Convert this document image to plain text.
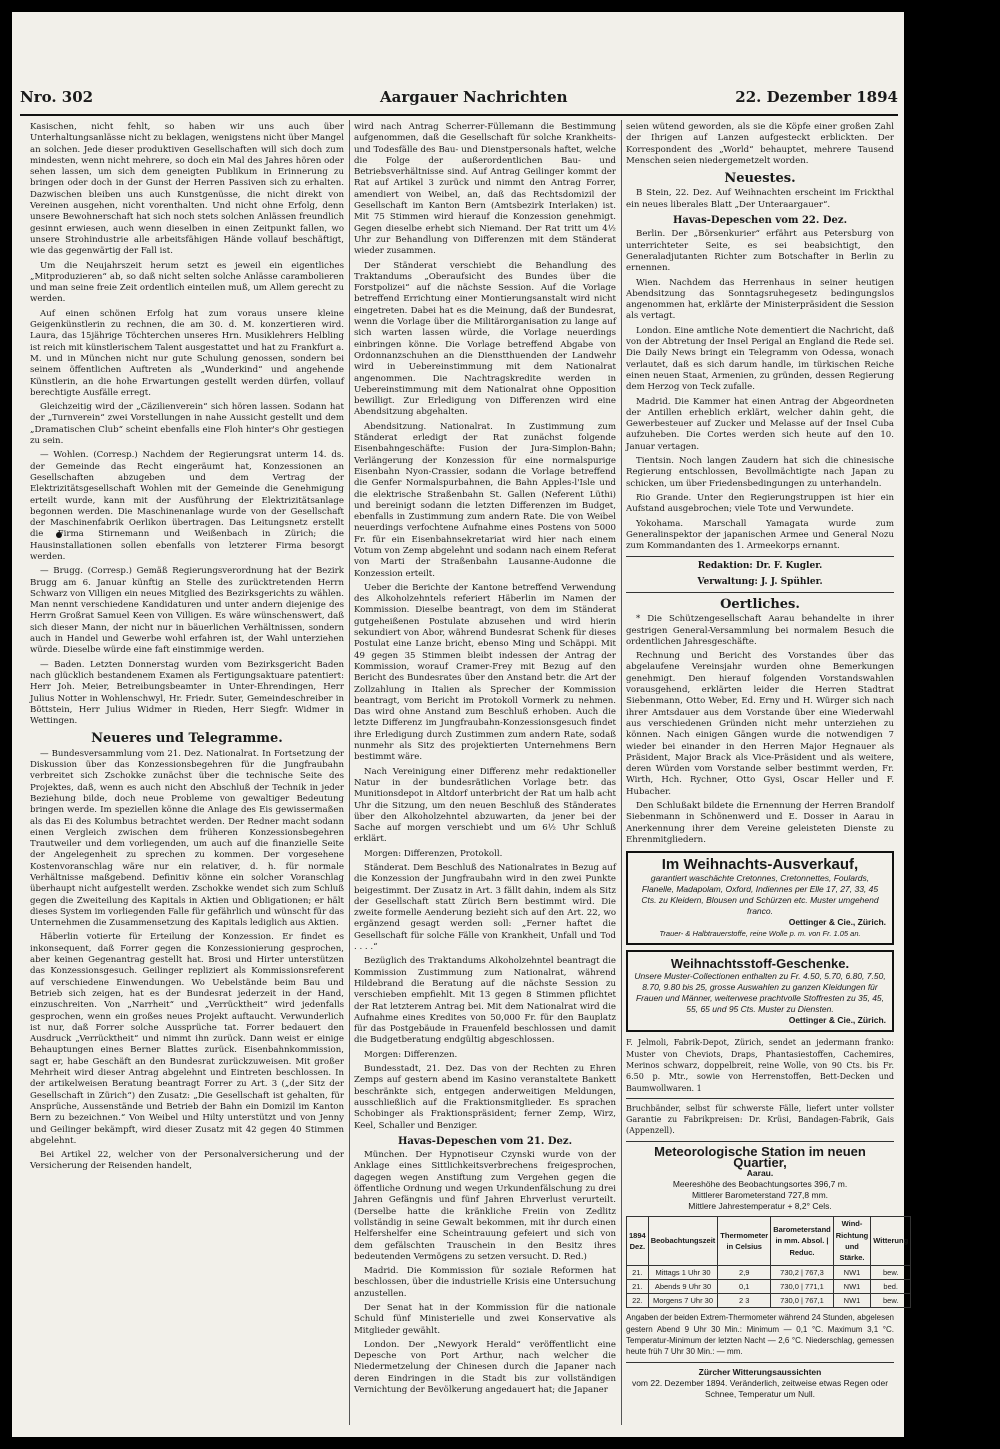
Nro. 302	Aargauer Nachrichten	22. Dezember 1894

Kasischen, nicht fehlt, so haben wir uns auch über Unterhaltungsanlässe nicht zu beklagen, wenigstens nicht über Mangel an solchen. Jede dieser produktiven Gesellschaften will sich doch zum mindesten, wenn nicht mehrere, so doch ein Mal des Jahres hören oder sehen lassen, um sich dem geneigten Publikum in Erinnerung zu bringen oder doch in der Gunst der Herren Passiven sich zu erhalten. Dazwischen bleiben uns auch Kunstgenüsse, die nicht direkt von Vereinen ausgehen, nicht vorenthalten. Und nicht ohne Erfolg, denn unsere Bewohnerschaft hat sich noch stets solchen Anlässen freundlich gesinnt erwiesen, auch wenn dieselben in einen Zeitpunkt fallen, wo unsere Strohindustrie alle arbeitsfähigen Hände vollauf beschäftigt, wie das gegenwärtig der Fall ist.

Um die Neujahrszeit herum setzt es jeweil ein eigentliches „Mitproduzieren“ ab, so daß nicht selten solche Anlässe carambolieren und man seine freie Zeit ordentlich einteilen muß, um Allem gerecht zu werden.

Auf einen schönen Erfolg hat zum voraus unsere kleine Geigenkünstlerin zu rechnen, die am 30. d. M. konzertieren wird. Laura, das 15jährige Töchterchen unseres Hrn. Musiklehrers Helbling ist reich mit künstlerischem Talent ausgestattet und hat zu Frankfurt a. M. und in München nicht nur gute Schulung genossen, sondern bei seinem öffentlichen Auftreten als „Wunderkind“ und angehende Künstlerin, an die hohe Erwartungen gestellt werden dürfen, vollauf berechtigte Ausfälle erregt.

Gleichzeitig wird der „Cäzilienverein“ sich hören lassen. Sodann hat der „Turnverein“ zwei Vorstellungen in nahe Aussicht gestellt und dem „Dramatischen Club“ scheint ebenfalls eine Floh hinter's Ohr gestiegen zu sein.

— Wohlen. (Corresp.) Nachdem der Regierungsrat unterm 14. ds. der Gemeinde das Recht eingeräumt hat, Konzessionen an Gesellschaften abzugeben und dem Vertrag der Elektrizitätsgesellschaft Wohlen mit der Gemeinde die Genehmigung erteilt wurde, kann mit der Ausführung der Elektrizitätsanlage begonnen werden. Die Maschinenanlage wurde von der Gesellschaft der Maschinenfabrik Oerlikon übertragen. Das Leitungsnetz erstellt die Firma Stirnemann und Weißenbach in Zürich; die Hausinstallationen sollen ebenfalls von letzterer Firma besorgt werden.

— Brugg. (Corresp.) Gemäß Regierungsverordnung hat der Bezirk Brugg am 6. Januar künftig an Stelle des zurücktretenden Herrn Schwarz von Villigen ein neues Mitglied des Bezirksgerichts zu wählen. Man nennt verschiedene Kandidaturen und unter andern diejenige des Herrn Großrat Samuel Keen von Villigen. Es wäre wünschenswert, daß sich dieser Mann, der nicht nur in bäuerlichen Verhältnissen, sondern auch in Handel und Gewerbe wohl erfahren ist, der Wahl unterziehen würde. Dieselbe würde eine faft einstimmige werden.

— Baden. Letzten Donnerstag wurden vom Bezirksgericht Baden nach glücklich bestandenem Examen als Fertigungsaktuare patentiert: Herr Joh. Meier, Betreibungsbeamter in Unter-Ehrendingen, Herr Julius Notter in Wohlenschwyl, Hr. Friedr. Suter, Gemeindeschreiber in Böttstein, Herr Julius Widmer in Rieden, Herr Siegfr. Widmer in Wettingen.

Neueres und Telegramme.

— Bundesversammlung vom 21. Dez. Nationalrat. In Fortsetzung der Diskussion über das Konzessionsbegehren für die Jungfraubahn verbreitet sich Zschokke zunächst über die technische Seite des Projektes, daß, wenn es auch nicht den Abschluß der Technik in jeder Beziehung bilde, doch neue Probleme von gewaltiger Bedeutung bringen werde. Im speziellen könne die Anlage des Eis gewissermaßen als das Ei des Kolumbus betrachtet werden. Der Redner macht sodann einen Vergleich zwischen dem früheren Konzessionsbegehren Trautweiler und dem vorliegenden, um auch auf die finanzielle Seite der Angelegenheit zu sprechen zu kommen. Der vorgesehene Kostenvoranschlag wäre nur ein relativer, d. h. für normale Verhältnisse maßgebend. Definitiv könne ein solcher Voranschlag überhaupt nicht aufgestellt werden. Zschokke wendet sich zum Schluß gegen die Zweiteilung des Kapitals in Aktien und Obligationen; er hält dieses System im vorliegenden Falle für gefährlich und wünscht für das Unternehmen die Zusammensetzung des Kapitals lediglich aus Aktien.

Häberlin votierte für Erteilung der Konzession. Er findet es inkonsequent, daß Forrer gegen die Konzessionierung gesprochen, aber keinen Gegenantrag gestellt hat. Brosi und Hirter unterstützen das Konzessionsgesuch. Geilinger repliziert als Kommissionsreferent auf verschiedene Einwendungen. Wo Uebelstände beim Bau und Betrieb sich zeigen, hat es der Bundesrat jederzeit in der Hand, einzuschreiten. Von „Narrheit“ und „Verrücktheit“ wird jedenfalls gesprochen, wenn ein großes neues Projekt auftaucht. Verwunderlich ist nur, daß Forrer solche Aussprüche tat. Forrer bedauert den Ausdruck „Verrücktheit“ und nimmt ihn zurück. Dann weist er einige Behauptungen eines Berner Blattes zurück. Eisenbahnkommission, sagt er, habe Geschäft an den Bundesrat zurückzuweisen. Mit großer Mehrheit wird dieser Antrag abgelehnt und Eintreten beschlossen. In der artikelweisen Beratung beantragt Forrer zu Art. 3 („der Sitz der Gesellschaft in Zürich“) den Zusatz: „Die Gesellschaft ist gehalten, für Ansprüche, Aussenstände und Betrieb der Bahn ein Domizil im Kanton Bern zu bezeichnen.“ Von Weibel und Hilty unterstützt und von Jenny und Geilinger bekämpft, wird dieser Zusatz mit 42 gegen 40 Stimmen abgelehnt.

Bei Artikel 22, welcher von der Personalversicherung und der Versicherung der Reisenden handelt,

wird nach Antrag Scherrer-Füllemann die Bestimmung aufgenommen, daß die Gesellschaft für solche Krankheits- und Todesfälle des Bau- und Dienstpersonals haftet, welche die Folge der außerordentlichen Bau- und Betriebsverhältnisse sind. Auf Antrag Geilinger kommt der Rat auf Artikel 3 zurück und nimmt den Antrag Forrer, amendiert von Weibel, an, daß das Rechtsdomizil der Gesellschaft im Kanton Bern (Amtsbezirk Interlaken) ist. Mit 75 Stimmen wird hierauf die Konzession genehmigt. Gegen dieselbe erhebt sich Niemand. Der Rat tritt um 4½ Uhr zur Behandlung von Differenzen mit dem Ständerat wieder zusammen.

Der Ständerat verschiebt die Behandlung des Traktandums „Oberaufsicht des Bundes über die Forstpolizei“ auf die nächste Session. Auf die Vorlage betreffend Errichtung einer Montierungsanstalt wird nicht eingetreten. Dabei hat es die Meinung, daß der Bundesrat, wenn die Vorlage über die Militärorganisation zu lange auf sich warten lassen würde, die Vorlage neuerdings einbringen könne. Die Vorlage betreffend Abgabe von Ordonnanzschuhen an die Dienstthuenden der Landwehr wird in Uebereinstimmung mit dem Nationalrat angenommen. Die Nachtragskredite werden in Uebereinstimmung mit dem Nationalrat ohne Opposition bewilligt. Zur Erledigung von Differenzen wird eine Abendsitzung abgehalten.

Abendsitzung. Nationalrat. In Zustimmung zum Ständerat erledigt der Rat zunächst folgende Eisenbahngeschäfte: Fusion der Jura-Simplon-Bahn; Verlängerung der Konzession für eine normalspurige Eisenbahn Nyon-Crassier, sodann die Vorlage betreffend die Genfer Normalspurbahnen, die Bahn Apples-l'Isle und die elektrische Straßenbahn St. Gallen (Neferent Lüthi) und bereinigt sodann die letzten Differenzen im Budget, ebenfalls in Zustimmung zum andern Rate. Die von Weibel neuerdings verfochtene Aufnahme eines Postens von 5000 Fr. für ein Eisenbahnsekretariat wird hier nach einem Votum von Zemp abgelehnt und sodann nach einem Referat von Marti der Straßenbahn Lausanne-Audonne die Konzession erteilt.

Ueber die Berichte der Kantone betreffend Verwendung des Alkoholzehntels referiert Häberlin im Namen der Kommission. Dieselbe beantragt, von dem im Ständerat gutgeheißenen Postulate abzusehen und wird hierin sekundiert von Abor, während Bundesrat Schenk für dieses Postulat eine Lanze bricht, ebenso Ming und Schäppi. Mit 49 gegen 35 Stimmen bleibt indessen der Antrag der Kommission, worauf Cramer-Frey mit Bezug auf den Bericht des Bundesrates über den Anstand betr. die Art der Zollzahlung in Italien als Sprecher der Kommission beantragt, vom Bericht im Protokoll Vormerk zu nehmen. Das wird ohne Anstand zum Beschluß erhoben. Auch die letzte Differenz im Jungfraubahn-Konzessionsgesuch findet ihre Erledigung durch Zustimmen zum andern Rate, sodaß nunmehr als Sitz des projektierten Unternehmens Bern bestimmt wäre.

Nach Vereinigung einer Differenz mehr redaktioneller Natur in der bundesrätlichen Vorlage betr. das Munitionsdepot in Altdorf unterbricht der Rat um halb acht Uhr die Sitzung, um den neuen Beschluß des Ständerates über den Alkoholzehntel abzuwarten, da jener bei der Sache auf morgen verschiebt und um 6½ Uhr Schluß erklärt.

Morgen: Differenzen, Protokoll.

Ständerat. Dem Beschluß des Nationalrates in Bezug auf die Konzession der Jungfraubahn wird in den zwei Punkte beigestimmt. Der Zusatz in Art. 3 fällt dahin, indem als Sitz der Gesellschaft statt Zürich Bern bestimmt wird. Die zweite formelle Aenderung bezieht sich auf den Art. 22, wo ergänzend gesagt werden soll: „Ferner haftet die Gesellschaft für solche Fälle von Krankheit, Unfall und Tod . . . .“

Bezüglich des Traktandums Alkoholzehntel beantragt die Kommission Zustimmung zum Nationalrat, während Hildebrand die Beratung auf die nächste Session zu verschieben empfiehlt. Mit 13 gegen 8 Stimmen pflichtet der Rat letzterem Antrag bei. Mit dem Nationalrat wird die Aufnahme eines Kredites von 50,000 Fr. für den Bauplatz für das Postgebäude in Frauenfeld beschlossen und damit die Budgetberatung endgültig abgeschlossen.

Morgen: Differenzen.

Bundesstadt, 21. Dez. Das von der Rechten zu Ehren Zemps auf gestern abend im Kasino veranstaltete Bankett beschränkte sich, entgegen anderweitigen Meldungen, ausschließlich auf die Fraktionsmitglieder. Es sprachen Schobinger als Fraktionspräsident; ferner Zemp, Wirz, Keel, Schaller und Benziger.

Havas-Depeschen vom 21. Dez.

München. Der Hypnotiseur Czynski wurde von der Anklage eines Sittlichkeitsverbrechens freigesprochen, dagegen wegen Anstiftung zum Vergehen gegen die öffentliche Ordnung und wegen Urkundenfälschung zu drei Jahren Gefängnis und fünf Jahren Ehrverlust verurteilt. (Derselbe hatte die kränkliche Freiin von Zedlitz vollständig in seine Gewalt bekommen, mit ihr durch einen Helfershelfer eine Scheintrauung gefeiert und sich von dem gefälschten Trauschein in den Besitz ihres bedeutenden Vermögens zu setzen versucht. D. Red.)

Madrid. Die Kommission für soziale Reformen hat beschlossen, über die industrielle Krisis eine Untersuchung anzustellen.

Der Senat hat in der Kommission für die nationale Schuld fünf Ministerielle und zwei Konservative als Mitglieder gewählt.

London. Der „Newyork Herald“ veröffentlicht eine Depesche von Port Arthur, nach welcher die Niedermetzelung der Chinesen durch die Japaner nach deren Eindringen in die Stadt bis zur vollständigen Vernichtung der Bevölkerung angedauert hat; die Japaner

seien wütend geworden, als sie die Köpfe einer großen Zahl der Ihrigen auf Lanzen aufgesteckt erblickten. Der Korrespondent des „World“ behauptet, mehrere Tausend Menschen seien niedergemetzelt worden.

Neuestes.

B Stein, 22. Dez. Auf Weihnachten erscheint im Frickthal ein neues liberales Blatt „Der Unteraargauer“.

Havas-Depeschen vom 22. Dez.

Berlin. Der „Börsenkurier“ erfährt aus Petersburg von unterrichteter Seite, es sei beabsichtigt, den Generaladjutanten Richter zum Botschafter in Berlin zu ernennen.

Wien. Nachdem das Herrenhaus in seiner heutigen Abendsitzung das Sonntagsruhegesetz bedingungslos angenommen hat, erklärte der Ministerpräsident die Session als vertagt.

London. Eine amtliche Note dementiert die Nachricht, daß von der Abtretung der Insel Perigal an England die Rede sei. Die Daily News bringt ein Telegramm von Odessa, wonach verlautet, daß es sich darum handle, im türkischen Reiche einen neuen Staat, Armenien, zu gründen, dessen Regierung dem Herzog von Teck zufalle.

Madrid. Die Kammer hat einen Antrag der Abgeordneten der Antillen erheblich erklärt, welcher dahin geht, die Gewerbesteuer auf Zucker und Melasse auf der Insel Cuba aufzuheben. Die Cortes werden sich heute auf den 10. Januar vertagen.

Tientsin. Noch langen Zaudern hat sich die chinesische Regierung entschlossen, Bevollmächtigte nach Japan zu schicken, um über Friedensbedingungen zu unterhandeln.

Rio Grande. Unter den Regierungstruppen ist hier ein Aufstand ausgebrochen; viele Tote und Verwundete.

Yokohama. Marschall Yamagata wurde zum Generalinspektor der japanischen Armee und General Nozu zum Kommandanten des 1. Armeekorps ernannt.

Redaktion: Dr. F. Kugler.

Verwaltung: J. J. Spühler.

Oertliches.

* Die Schützengesellschaft Aarau behandelte in ihrer gestrigen General-Versammlung bei normalem Besuch die ordentlichen Jahresgeschäfte.

Rechnung und Bericht des Vorstandes über das abgelaufene Vereinsjahr wurden ohne Bemerkungen genehmigt. Den hierauf folgenden Vorstandswahlen vorausgehend, erklärten leider die Herren Stadtrat Siebenmann, Otto Weber, Ed. Erny und H. Würger sich nach ihrer Amtsdauer aus dem Vorstande über eine Wiederwahl aus verschiedenen Gründen nicht mehr unterziehen zu können. Nach einigen Gängen wurde die notwendigen 7 wieder bei einander in den Herren Major Hegnauer als Präsident, Major Brack als Vice-Präsident und als weitere, deren Würden vom Vorstande selber bestimmt werden, Fr. Wirth, Hch. Rychner, Otto Gysi, Oscar Heller und F. Hubacher.

Den Schlußakt bildete die Ernennung der Herren Brandolf Siebenmann in Schönenwerd und E. Dosser in Aarau in Anerkennung ihrer dem Vereine geleisteten Dienste zu Ehrenmitgliedern.

Im Weihnachts-Ausverkauf,
garantiert waschächte Cretonnes, Cretonnettes, Foulards, Flanelle, Madapolam, Oxford, Indiennes per Elle 17, 27, 33, 45 Cts. zu Kleidern, Blousen und Schürzen etc. Muster umgehend franco.
Oettinger & Cie., Zürich.
Trauer- & Halbtrauerstoffe, reine Wolle p. m. von Fr. 1.05 an.
Weihnachtsstoff-Geschenke.
Unsere Muster-Collectionen enthalten zu Fr. 4.50, 5.70, 6.80, 7.50, 8.70, 9.80 bis 25, grosse Auswahlen zu ganzen Kleidungen für Frauen und Männer, weiterwese prachtvolle Stoffresten zu 35, 45, 55, 65 und 95 Cts. Muster zu Diensten.
Oettinger & Cie., Zürich.

F. Jelmoli, Fabrik-Depot, Zürich, sendet an jedermann franko: Muster von Cheviots, Draps, Phantasiestoffen, Cachemires, Merinos schwarz, doppelbreit, reine Wolle, von 90 Cts. bis Fr. 6.50 p. Mtr., sowie von Herrenstoffen, Bett-Decken und Baumwollwaren. 1

Bruchbänder, selbst für schwerste Fälle, liefert unter vollster Garantie zu Fabrikpreisen: Dr. Krüsi, Bandagen-Fabrik, Gais (Appenzell).

Meteorologische Station im neuen Quartier,
Aarau.
Meereshöhe des Beobachtungsortes 396,7 m.
Mittlerer Barometerstand 727,8 mm.
Mittlere Jahrestemperatur + 8,2° Cels.
1894 Dez.	Beobachtungszeit	Thermometer in Celsius	Barometerstand in mm. Absol. | Reduc.	Wind-Richtung und Stärke.	Witterung
21.	Mittags 1 Uhr 30	2,9	730,2 | 767,3	NW1	bew.
21.	Abends 9 Uhr 30	0,1	730,0 | 771,1	NW1	bed.
22.	Morgens 7 Uhr 30	2 3	730,0 | 767,1	NW1	bew.

Angaben der beiden Extrem-Thermometer während 24 Stunden, abgelesen gestern Abend 9 Uhr 30 Min.: Minimum — 0,1 °C. Maximum 3,1 °C. Temperatur-Minimum der letzten Nacht — 2,6 °C. Niederschlag, gemessen heute früh 7 Uhr 30 Min.: — mm.

Zürcher Witterungsaussichten
vom 22. Dezember 1894. Veränderlich, zeitweise etwas Regen oder Schnee, Temperatur um Null.
